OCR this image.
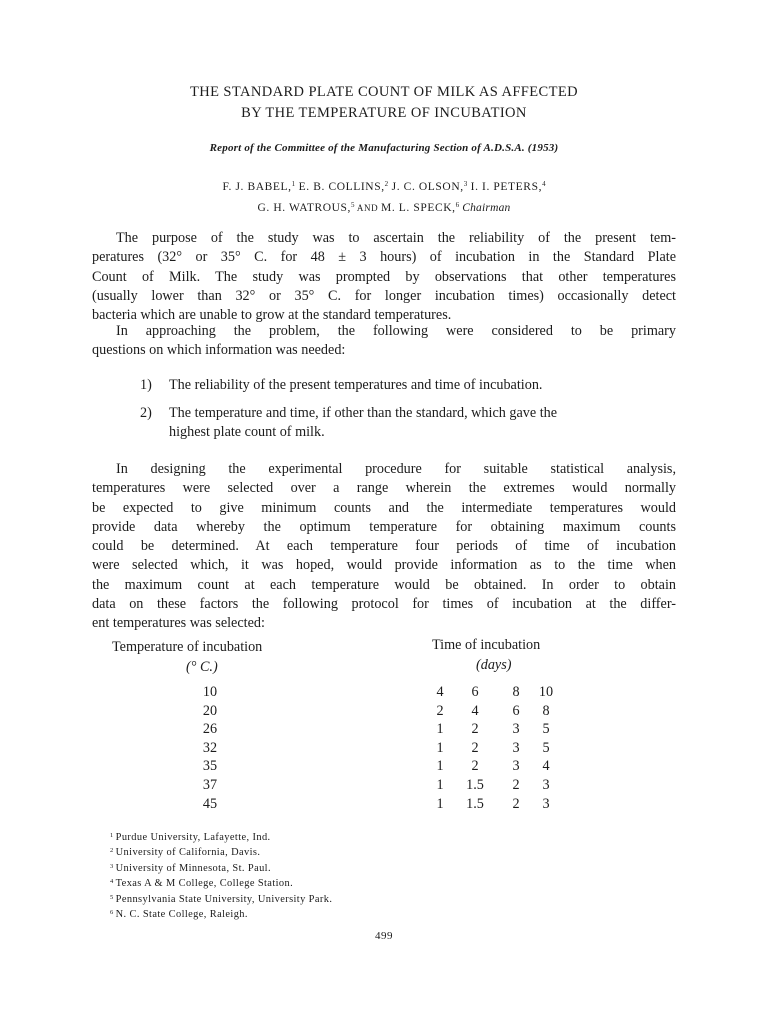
THE STANDARD PLATE COUNT OF MILK AS AFFECTED
BY THE TEMPERATURE OF INCUBATION
Report of the Committee of the Manufacturing Section of A.D.S.A. (1953)
F. J. BABEL,$^1$ E. B. COLLINS,$^2$ J. C. OLSON,$^3$ I. I. PETERS,$^4$
G. H. WATROUS,$^5$ AND M. L. SPECK,$^6$ Chairman
The purpose of the study was to ascertain the reliability of the present tem-
peratures (32° or 35° C. for 48 ± 3 hours) of incubation in the Standard Plate
Count of Milk. The study was prompted by observations that other temperatures
(usually lower than 32° or 35° C. for longer incubation times) occasionally detect
bacteria which are unable to grow at the standard temperatures.
In approaching the problem, the following were considered to be primary
questions on which information was needed:
1) The reliability of the present temperatures and time of incubation.
2) The temperature and time, if other than the standard, which gave the
highest plate count of milk.
In designing the experimental procedure for suitable statistical analysis,
temperatures were selected over a range wherein the extremes would normally
be expected to give minimum counts and the intermediate temperatures would
provide data whereby the optimum temperature for obtaining maximum counts
could be determined. At each temperature four periods of time of incubation
were selected which, it was hoped, would provide information as to the time when
the maximum count at each temperature would be obtained. In order to obtain
data on these factors the following protocol for times of incubation at the differ-
ent temperatures was selected:
Temperature of incubation
(° C.)
Time of incubation
(days)
10	4	6	8	10
20	2	4	6	8
26	1	2	3	5
32	1	2	3	5
35	1	2	3	4
37	1	1.5	2	3
45	1	1.5	2	3
$^1$ Purdue University, Lafayette, Ind.
$^2$ University of California, Davis.
$^3$ University of Minnesota, St. Paul.
$^4$ Texas A & M College, College Station.
$^5$ Pennsylvania State University, University Park.
$^6$ N. C. State College, Raleigh.
499
